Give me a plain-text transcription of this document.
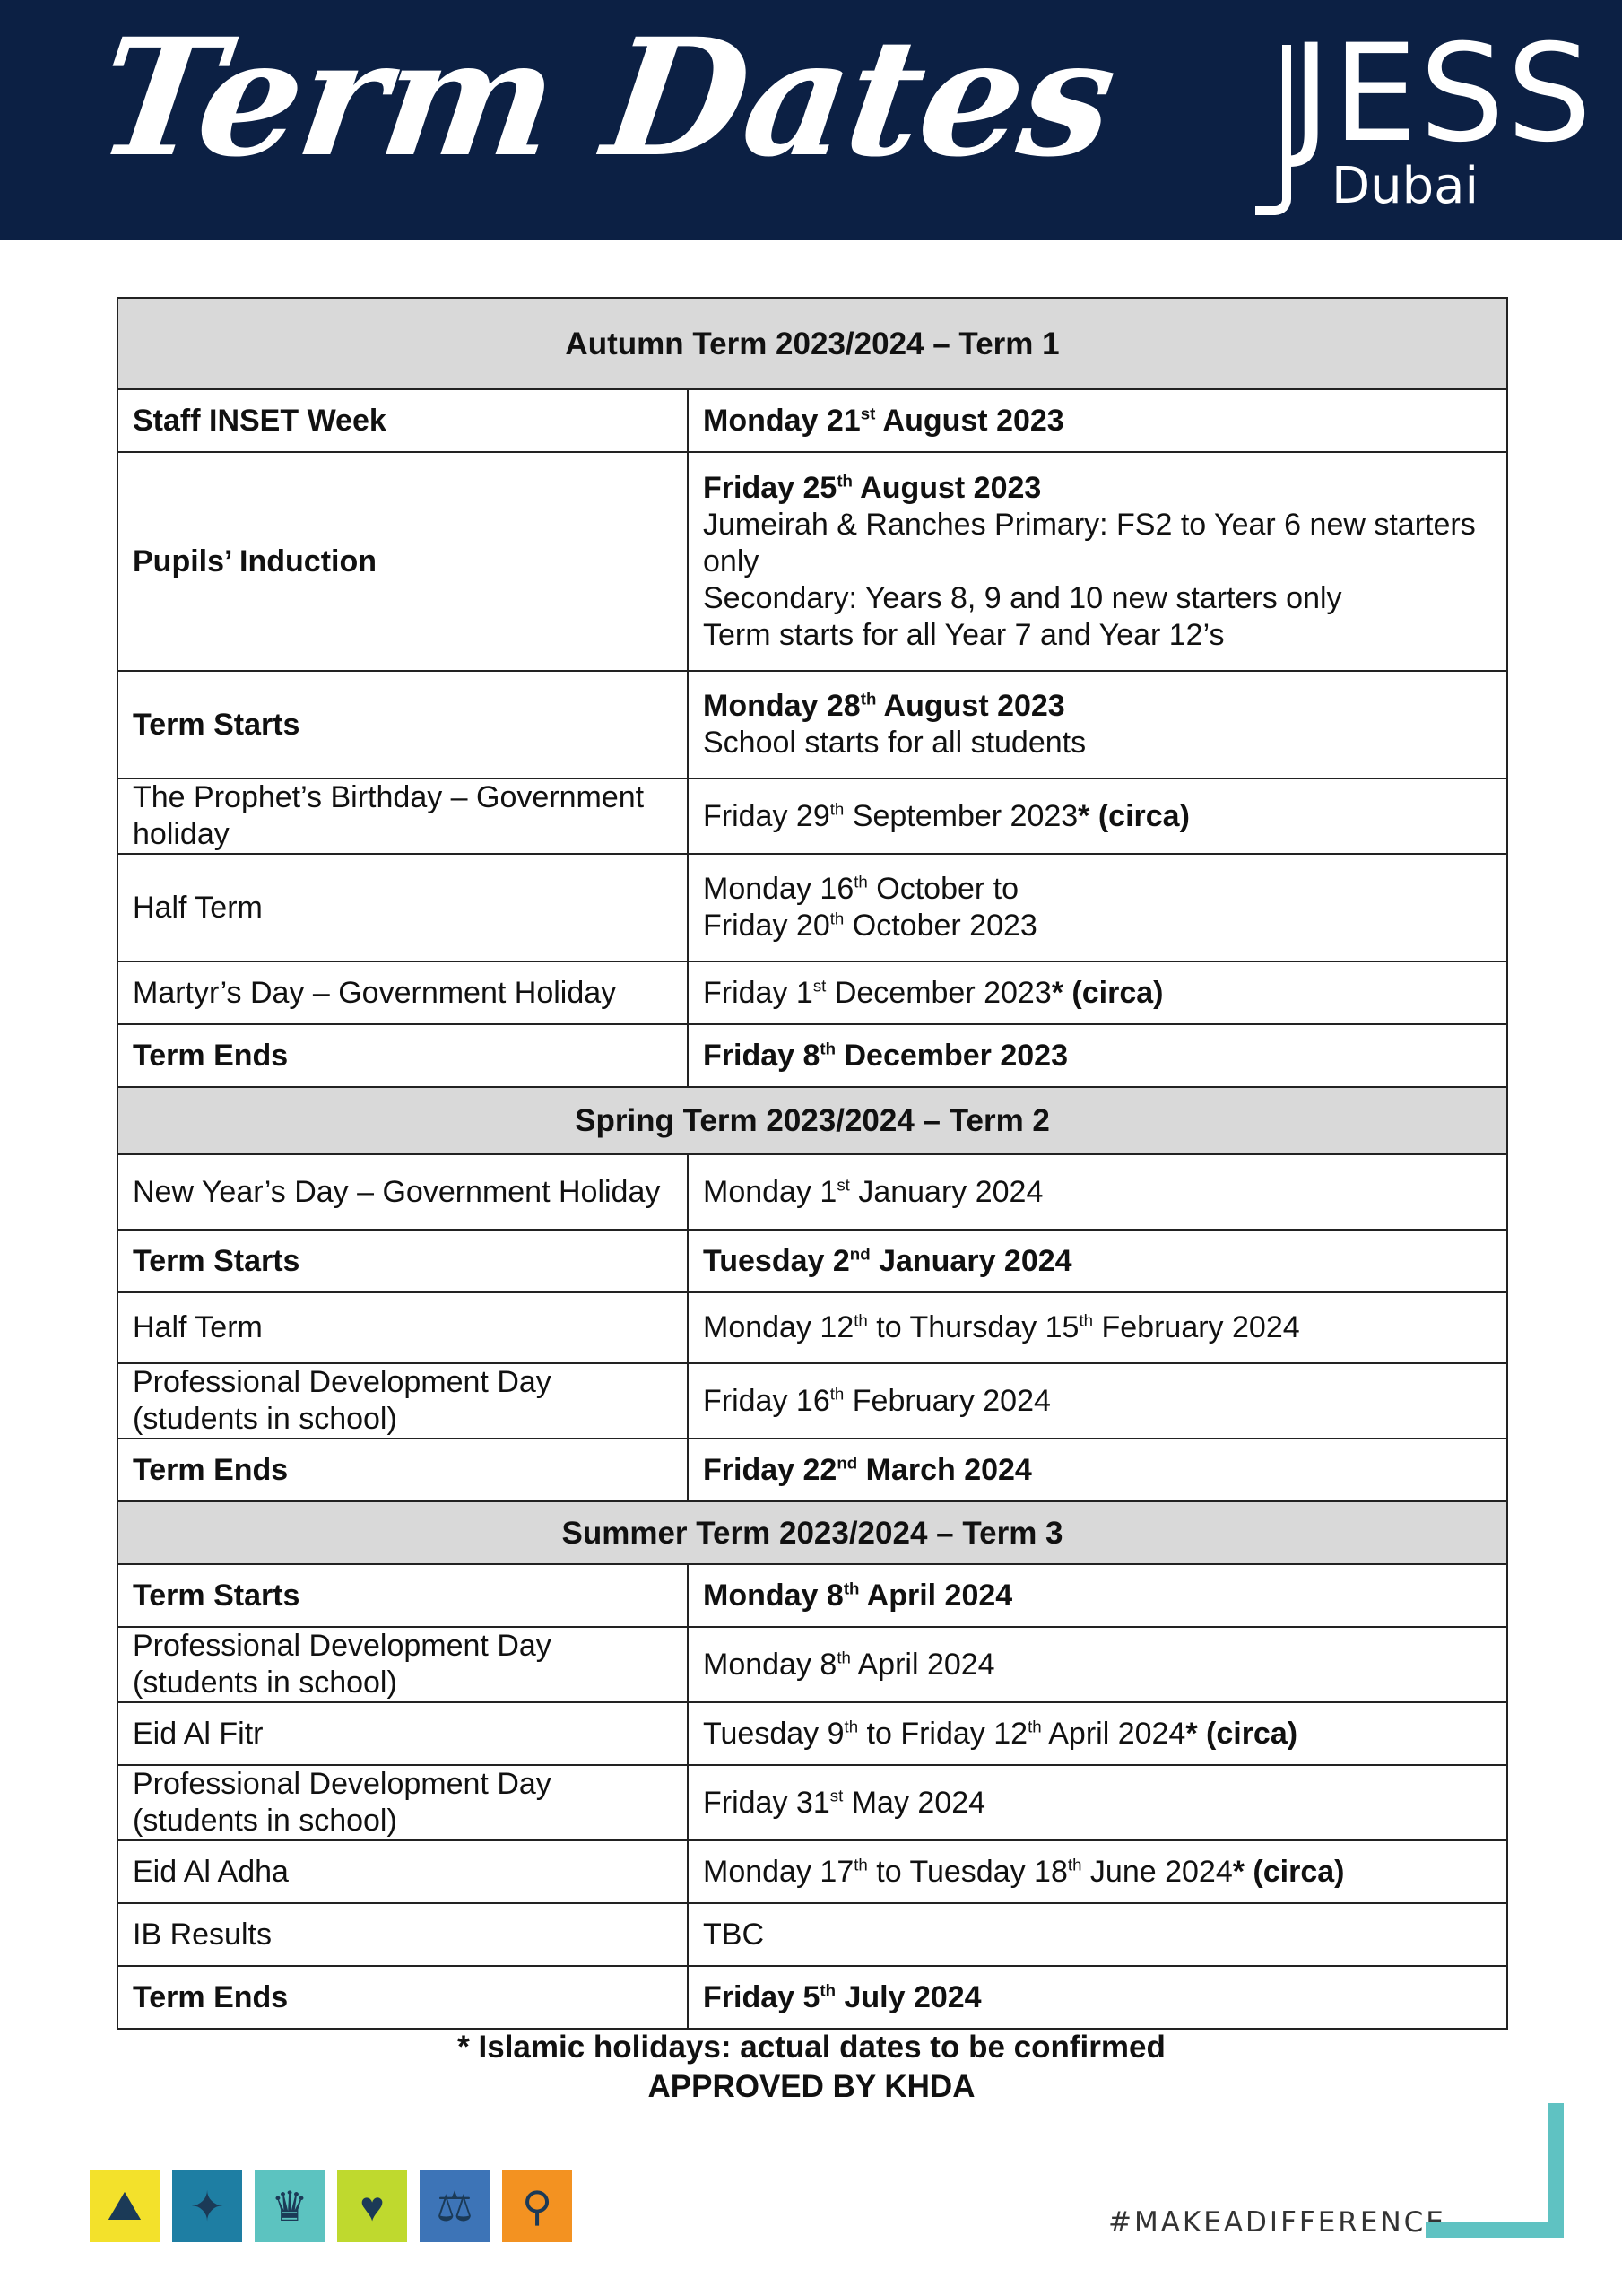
Term Dates JESS
Dubai
Autumn Term 2023/2024 – Term 1	
Staff INSET Week	Monday 21st August 2023
Pupils’ Induction	Friday 25th August 2023
Jumeirah & Ranches Primary: FS2 to Year 6 new starters only
Secondary: Years 8, 9 and 10 new starters only
Term starts for all Year 7 and Year 12’s
Term Starts	Monday 28th August 2023
School starts for all students
The Prophet’s Birthday – Government holiday	Friday 29th September 2023* (circa)
Half Term	Monday 16th October to
Friday 20th October 2023
Martyr’s Day – Government Holiday	Friday 1st December 2023* (circa)
Term Ends	Friday 8th December 2023
Spring Term 2023/2024 – Term 2	
New Year’s Day – Government Holiday	Monday 1st January 2024
Term Starts	Tuesday 2nd January 2024
Half Term	Monday 12th to Thursday 15th February 2024
Professional Development Day (students in school)	Friday 16th February 2024
Term Ends	Friday 22nd March 2024
Summer Term 2023/2024 – Term 3	
Term Starts	Monday 8th April 2024
Professional Development Day (students in school)	Monday 8th April 2024
Eid Al Fitr	Tuesday 9th to Friday 12th April 2024* (circa)
Professional Development Day (students in school)	Friday 31st May 2024
Eid Al Adha	Monday 17th to Tuesday 18th June 2024* (circa)
IB Results	TBC
Term Ends	Friday 5th July 2024
* Islamic holidays: actual dates to be confirmed
APPROVED BY KHDA
⛰	✦	♛	♥	⚖	⚲	#MAKEADIFFERENCE
